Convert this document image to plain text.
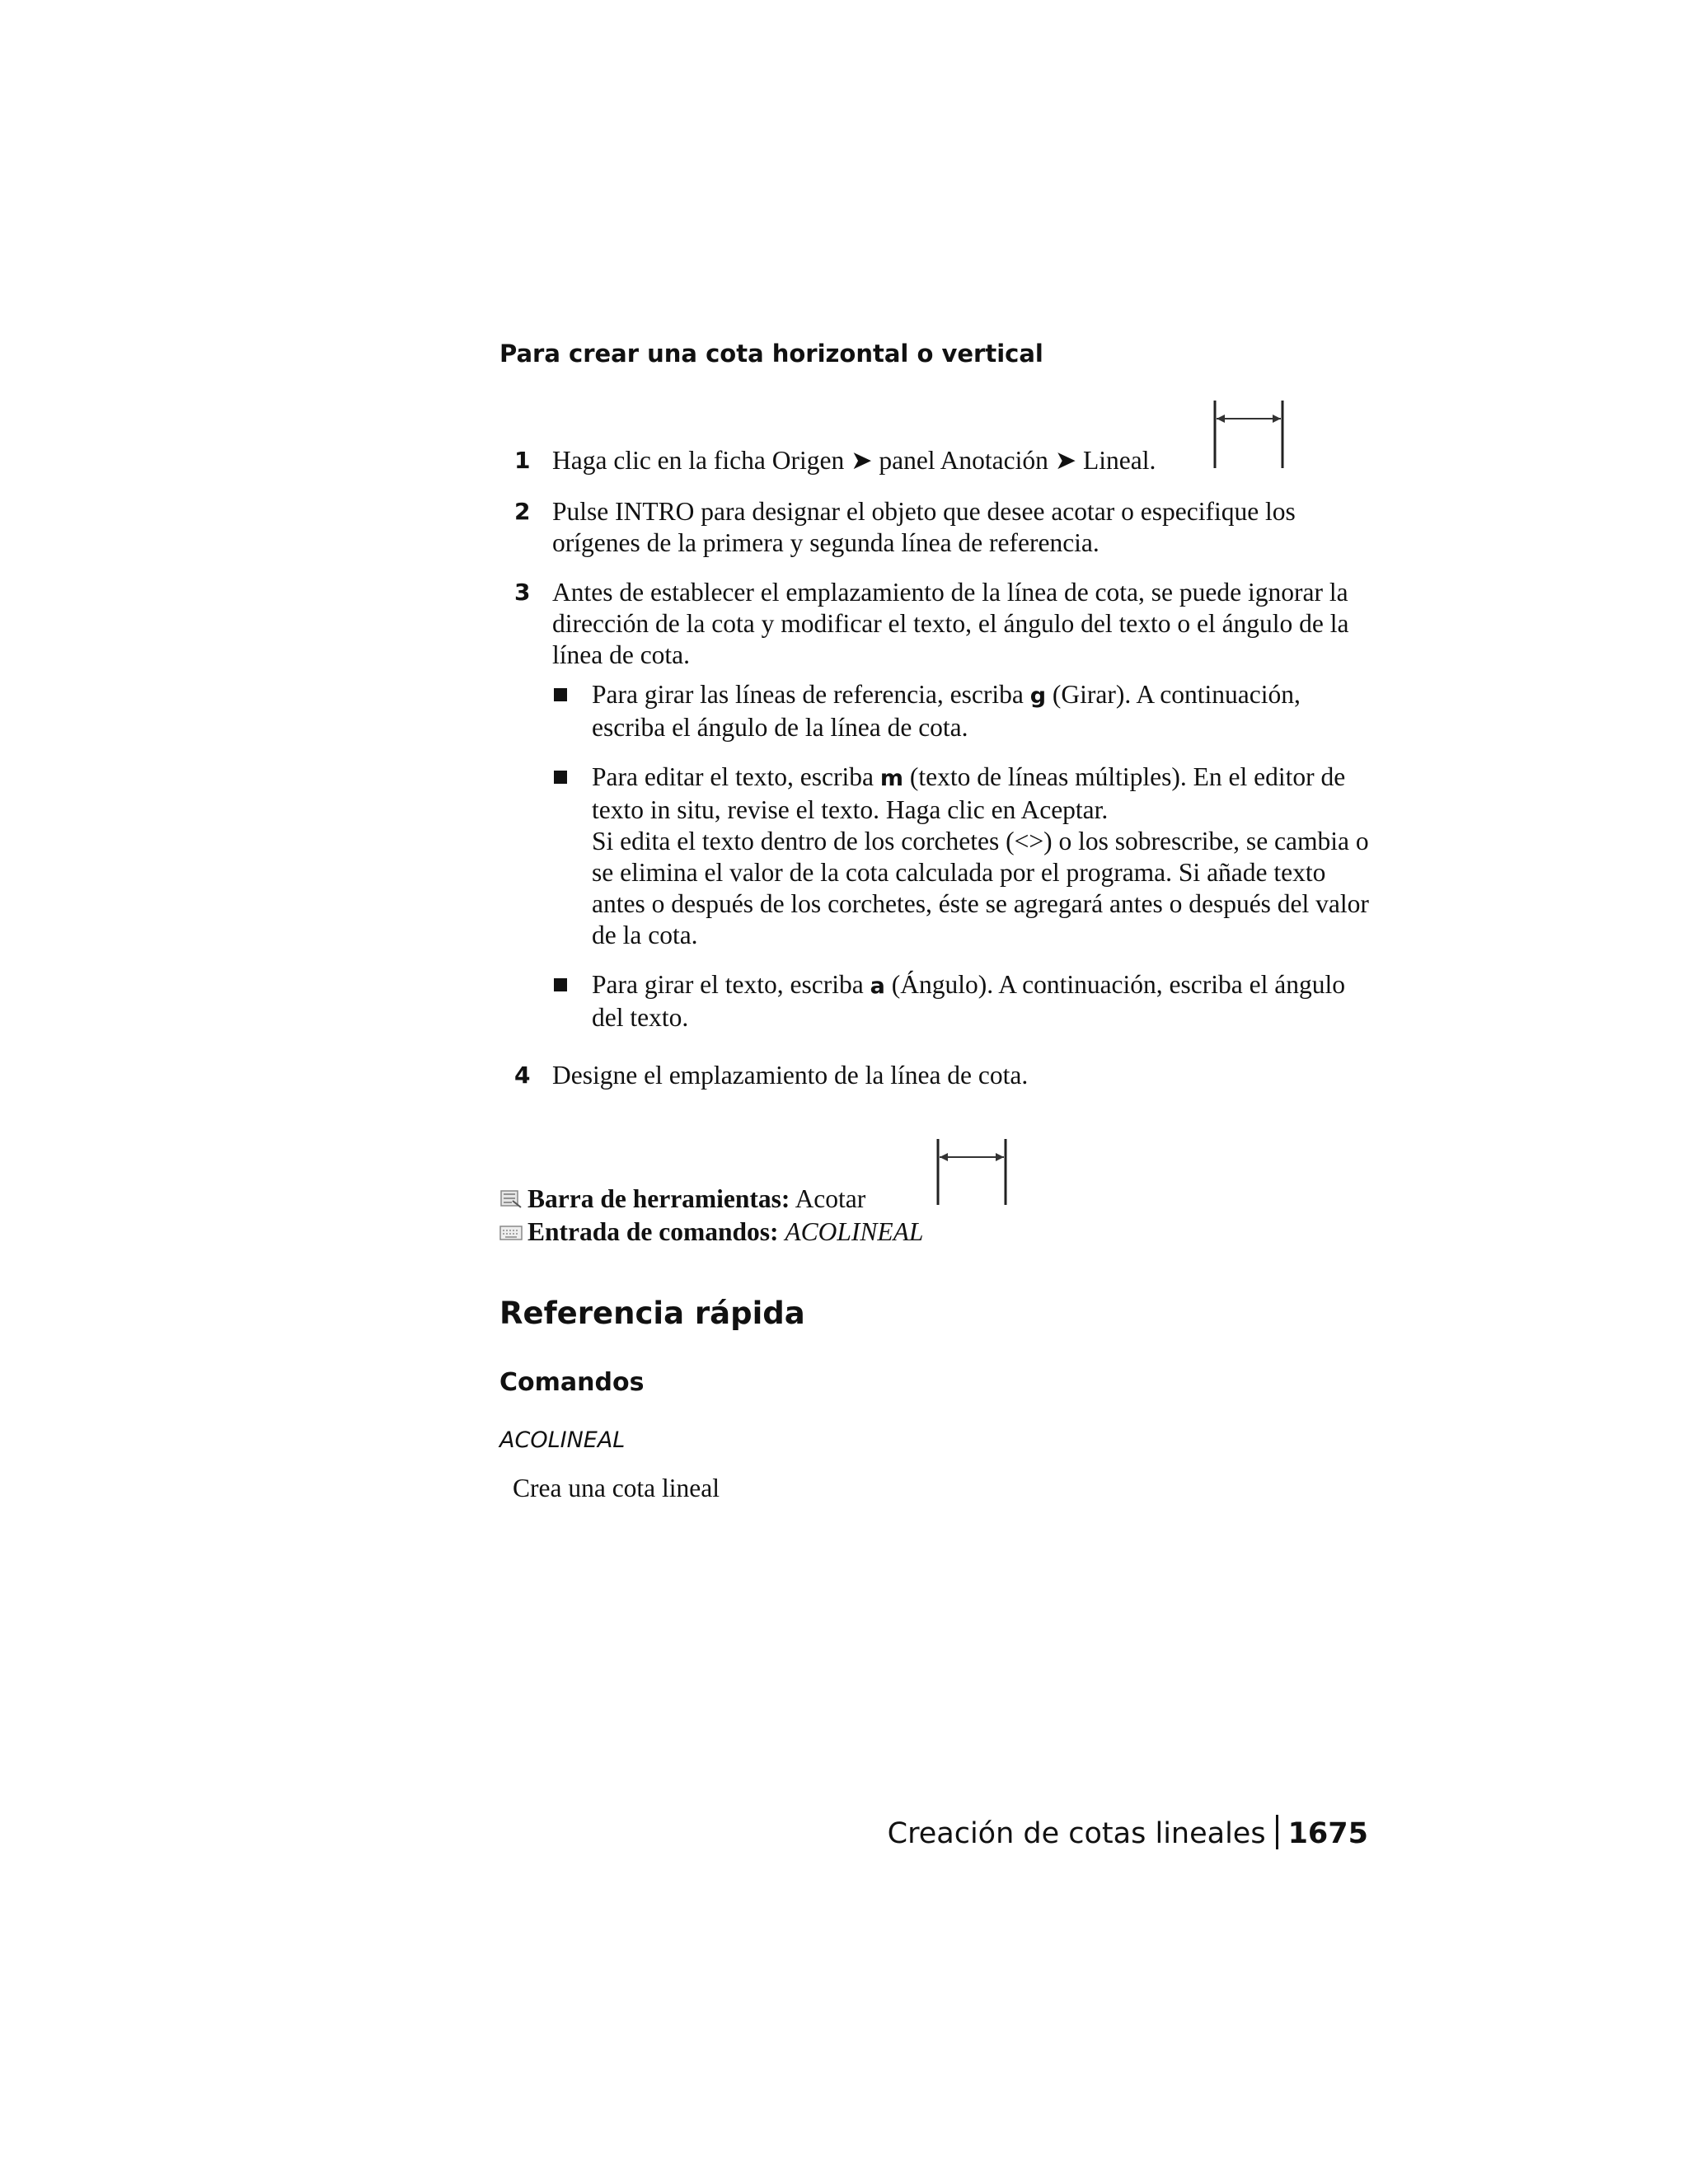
Para crear una cota horizontal o vertical
1 Haga clic en la ficha Origen ➤ panel Anotación ➤ Lineal.
2 Pulse INTRO para designar el objeto que desee acotar o especifique los orígenes de la primera y segunda línea de referencia.
3 Antes de establecer el emplazamiento de la línea de cota, se puede ignorar la dirección de la cota y modificar el texto, el ángulo del texto o el ángulo de la línea de cota.
Para girar las líneas de referencia, escriba g (Girar). A continuación, escriba el ángulo de la línea de cota.
Para editar el texto, escriba m (texto de líneas múltiples). En el editor de texto in situ, revise el texto. Haga clic en Aceptar.
Si edita el texto dentro de los corchetes (<>) o los sobrescribe, se cambia o se elimina el valor de la cota calculada por el programa. Si añade texto antes o después de los corchetes, éste se agregará antes o después del valor de la cota.
Para girar el texto, escriba a (Ángulo). A continuación, escriba el ángulo del texto.
4 Designe el emplazamiento de la línea de cota.
Barra de herramientas: Acotar
Entrada de comandos: ACOLINEAL
Referencia rápida
Comandos
ACOLINEAL
Crea una cota lineal
Creación de cotas lineales 1675
